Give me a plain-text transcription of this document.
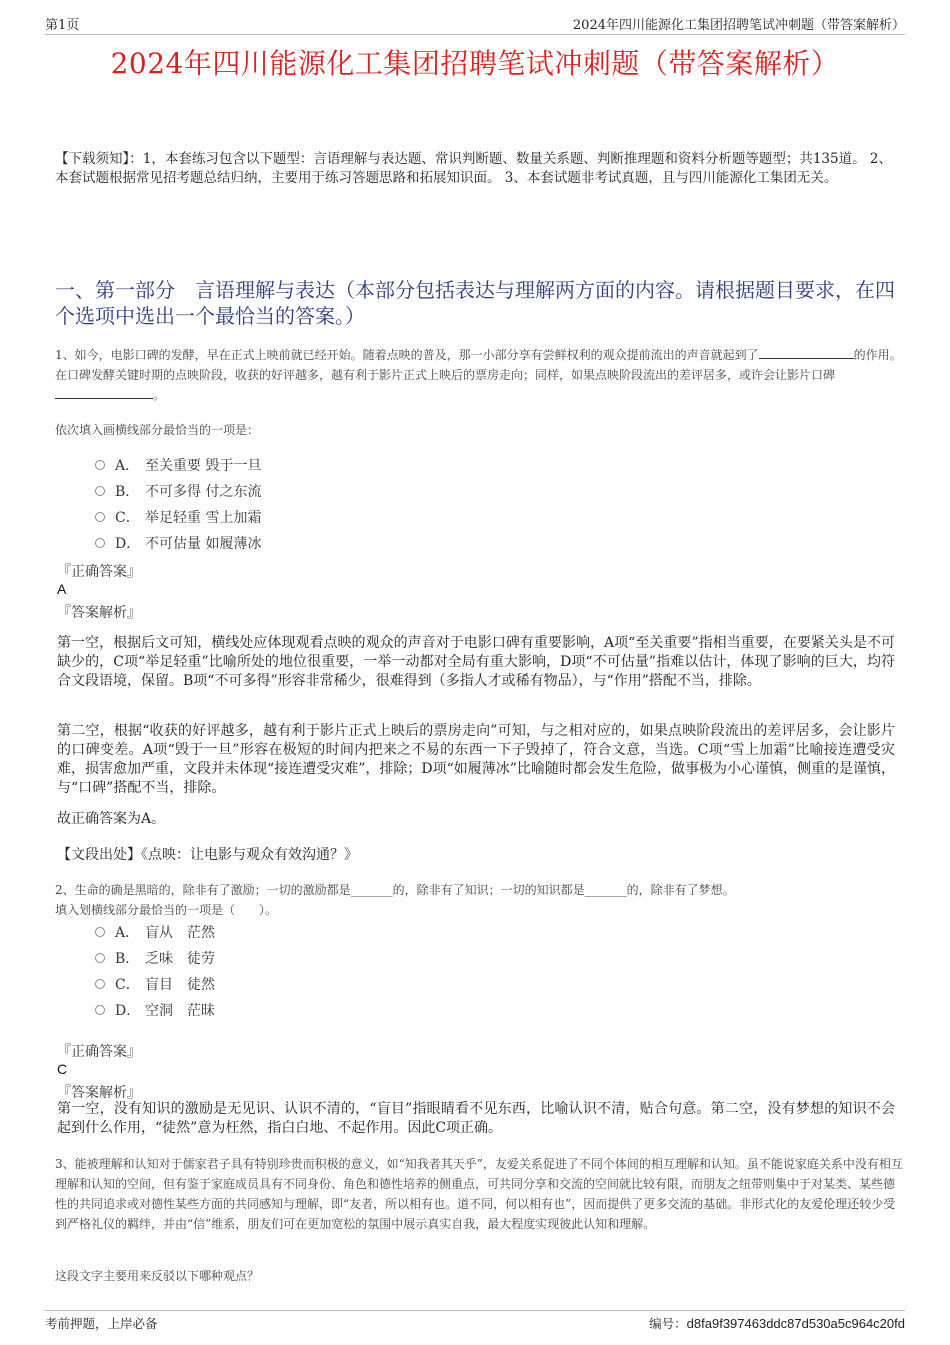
第1页	2024年四川能源化工集团招聘笔试冲刺题（带答案解析）
2024年四川能源化工集团招聘笔试冲刺题（带答案解析）
【下载须知】：1，本套练习包含以下题型：言语理解与表达题、常识判断题、数量关系题、判断推理题和资料分析题等题型；共135道。 2、本套试题根据常见招考题总结归纳，主要用于练习答题思路和拓展知识面。 3、本套试题非考试真题，且与四川能源化工集团无关。
一、第一部分　言语理解与表达（本部分包括表达与理解两方面的内容。请根据题目要求，在四个选项中选出一个最恰当的答案。）
1、如今，电影口碑的发酵，早在正式上映前就已经开始。随着点映的普及，那一小部分享有尝鲜权利的观众提前流出的声音就起到了	的作用。在口碑发酵关键时期的点映阶段，收获的好评越多，越有利于影片正式上映后的票房走向；同样，如果点映阶段流出的差评居多，或许会让影片口碑 。
依次填入画横线部分最恰当的一项是：
A． 至关重要 毁于一旦
B． 不可多得 付之东流
C． 举足轻重 雪上加霜
D． 不可估量 如履薄冰
『正确答案』
A
『答案解析』
第一空，根据后文可知，横线处应体现观看点映的观众的声音对于电影口碑有重要影响，A项“至关重要”指相当重要，在要紧关头是不可缺少的，C项“举足轻重”比喻所处的地位很重要，一举一动都对全局有重大影响，D项“不可估量”指难以估计，体现了影响的巨大，均符合文段语境，保留。B项“不可多得”形容非常稀少，很难得到（多指人才或稀有物品），与“作用”搭配不当，排除。
第二空，根据“收获的好评越多，越有利于影片正式上映后的票房走向”可知，与之相对应的，如果点映阶段流出的差评居多，会让影片的口碑变差。A项“毁于一旦”形容在极短的时间内把来之不易的东西一下子毁掉了，符合文意，当选。C项“雪上加霜”比喻接连遭受灾难，损害愈加严重，文段并未体现“接连遭受灾难”，排除；D项“如履薄冰”比喻随时都会发生危险，做事极为小心谨慎，侧重的是谨慎，与“口碑”搭配不当，排除。
故正确答案为A。
【文段出处】《点映：让电影与观众有效沟通？》
2、生命的确是黑暗的，除非有了激励；一切的激励都是_______的，除非有了知识；一切的知识都是_______的，除非有了梦想。
填入划横线部分最恰当的一项是（　　）。
A． 盲从　茫然
B． 乏味　徒劳
C． 盲目　徒然
D． 空洞　茫昧
『正确答案』
C
『答案解析』
第一空，没有知识的激励是无见识、认识不清的，“盲目”指眼睛看不见东西，比喻认识不清，贴合句意。第二空，没有梦想的知识不会起到什么作用，“徒然”意为枉然，指白白地、不起作用。因此C项正确。
3、能被理解和认知对于儒家君子具有特别珍贵而积极的意义，如“知我者其天乎”，友爱关系促进了不同个体间的相互理解和认知。虽不能说家庭关系中没有相互理解和认知的空间，但有鉴于家庭成员具有不同身份、角色和德性培养的侧重点，可共同分享和交流的空间就比较有限，而朋友之纽带则集中于对某类、某些德性的共同追求或对德性某些方面的共同感知与理解，即“友者，所以相有也。道不同，何以相有也”，因而提供了更多交流的基础。非形式化的友爱伦理还较少受到严格礼仪的羁绊，并由“信”维系，朋友们可在更加宽松的氛围中展示真实自我，最大程度实现彼此认知和理解。
这段文字主要用来反驳以下哪种观点？
考前押题，上岸必备	编号：d8fa9f397463ddc87d530a5c964c20fd
